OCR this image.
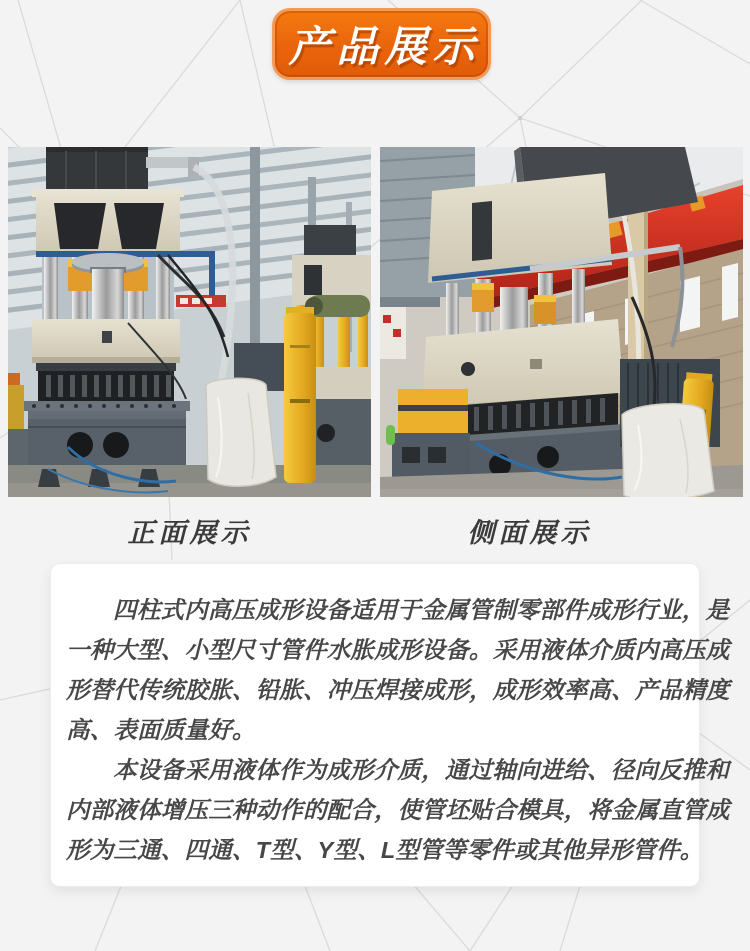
产品展示
正面展示	侧面展示
四柱式内高压成形设备适用于金属管制零部件成形行业，是
一种大型、小型尺寸管件水胀成形设备。采用液体介质内高压成
形替代传统胶胀、铅胀、冲压焊接成形，成形效率高、产品精度
高、表面质量好。
本设备采用液体作为成形介质，通过轴向进给、径向反推和
内部液体增压三种动作的配合，使管坯贴合模具，将金属直管成
形为三通、四通、T型、Y型、L型管等零件或其他异形管件。
